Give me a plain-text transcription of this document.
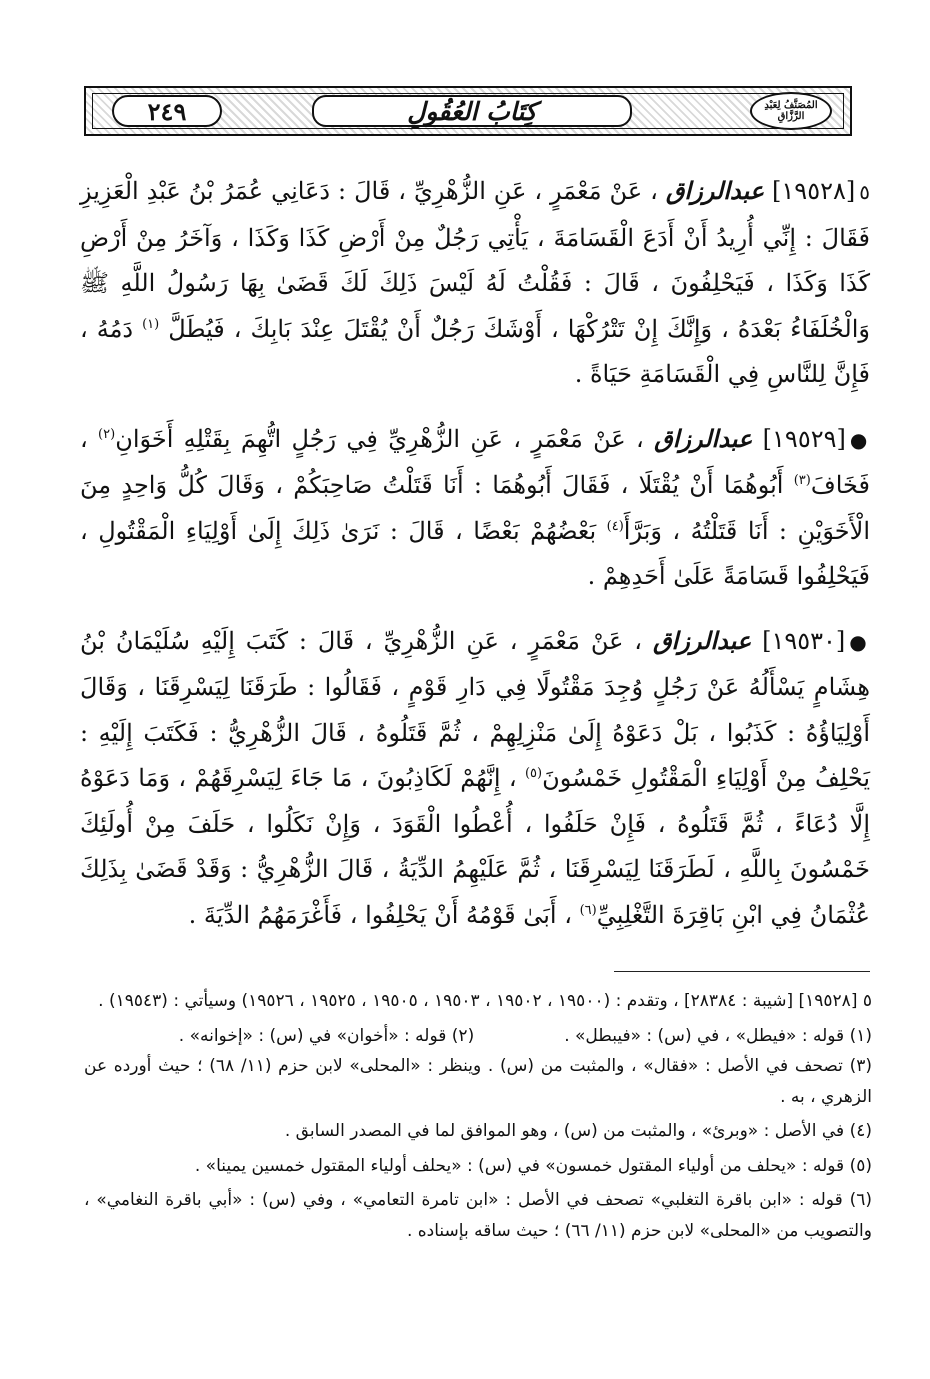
٢٤٩	كِتَابُ العُقُولِ	المُصَنَّفُ لِعَبْدِ الرَّزَّاقِ

٥[١٩٥٢٨] عبدالرزاق ، عَنْ مَعْمَرٍ ، عَنِ الزُّهْرِيِّ ، قَالَ : دَعَانِي عُمَرُ بْنُ عَبْدِ الْعَزِيزِ فَقَالَ : إِنِّي أُرِيدُ أَنْ أَدَعَ الْقَسَامَةَ ، يَأْتِي رَجُلٌ مِنْ أَرْضِ كَذَا وَكَذَا ، وَآخَرُ مِنْ أَرْضِ كَذَا وَكَذَا ، فَيَحْلِفُونَ ، قَالَ : فَقُلْتُ لَهُ لَيْسَ ذَلِكَ لَكَ قَضَىٰ بِهَا رَسُولُ اللَّهِ ﷺ وَالْخُلَفَاءُ بَعْدَهُ ، وَإِنَّكَ إِنْ تَتْرُكْهَا ، أَوْشَكَ رَجُلٌ أَنْ يُقْتَلَ عِنْدَ بَابِكَ ، فَيُطَلَّ $^{(١)}$ دَمُهُ ، فَإِنَّ لِلنَّاسِ فِي الْقَسَامَةِ حَيَاةً .

●[١٩٥٢٩] عبدالرزاق ، عَنْ مَعْمَرٍ ، عَنِ الزُّهْرِيِّ فِي رَجُلٍ اتُّهِمَ بِقَتْلِهِ أَخَوَانِ$^{(٢)}$ ، فَخَافَ$^{(٣)}$ أَبُوهُمَا أَنْ يُقْتَلَا ، فَقَالَ أَبُوهُمَا : أَنَا قَتَلْتُ صَاحِبَكُمْ ، وَقَالَ كُلُّ وَاحِدٍ مِنَ الْأَخَوَيْنِ : أَنَا قَتَلْتُهُ ، وَبَرَّأَ$^{(٤)}$ بَعْضُهُمْ بَعْضًا ، قَالَ : نَرَىٰ ذَلِكَ إِلَىٰ أَوْلِيَاءِ الْمَقْتُولِ ، فَيَحْلِفُوا قَسَامَةً عَلَىٰ أَحَدِهِمْ .

●[١٩٥٣٠] عبدالرزاق ، عَنْ مَعْمَرٍ ، عَنِ الزُّهْرِيِّ ، قَالَ : كَتَبَ إِلَيْهِ سُلَيْمَانُ بْنُ هِشَامٍ يَسْأَلُهُ عَنْ رَجُلٍ وُجِدَ مَقْتُولًا فِي دَارِ قَوْمٍ ، فَقَالُوا : طَرَقَنَا لِيَسْرِقَنَا ، وَقَالَ أَوْلِيَاؤُهُ : كَذَبُوا ، بَلْ دَعَوْهُ إِلَىٰ مَنْزِلِهِمْ ، ثُمَّ قَتَلُوهُ ، قَالَ الزُّهْرِيُّ : فَكَتَبَ إِلَيْهِ : يَحْلِفُ مِنْ أَوْلِيَاءِ الْمَقْتُولِ خَمْسُونَ$^{(٥)}$ ، إِنَّهُمْ لَكَاذِبُونَ ، مَا جَاءَ لِيَسْرِقَهُمْ ، وَمَا دَعَوْهُ إِلَّا دُعَاءً ، ثُمَّ قَتَلُوهُ ، فَإِنْ حَلَفُوا ، أُعْطُوا الْقَوَدَ ، وَإِنْ نَكَلُوا ، حَلَفَ مِنْ أُولَئِكَ خَمْسُونَ بِاللَّهِ ، لَطَرَقَنَا لِيَسْرِقَنَا ، ثُمَّ عَلَيْهِمُ الدِّيَةُ ، قَالَ الزُّهْرِيُّ : وَقَدْ قَضَىٰ بِذَلِكَ عُثْمَانُ فِي ابْنِ بَاقِرَةَ التَّغْلِبِيِّ$^{(٦)}$ ، أَبَىٰ قَوْمُهُ أَنْ يَحْلِفُوا ، فَأَغْرَمَهُمُ الدِّيَةَ .

٥ [١٩٥٢٨] [شيبة : ٢٨٣٨٤] ، وتقدم : (١٩٥٠٠ ، ١٩٥٠٢ ، ١٩٥٠٣ ، ١٩٥٠٥ ، ١٩٥٢٥ ، ١٩٥٢٦) وسيأتي : (١٩٥٤٣) .

(١) قوله : «فيطل» ، في (س) : «فيبطل» .
(٢) قوله : «أخوان» في (س) : «إخوانه» .

(٣) تصحف في الأصل : «فقال» ، والمثبت من (س) . وينظر : «المحلى» لابن حزم (١١/ ٦٨) ؛ حيث أورده عن الزهري ، به .

(٤) في الأصل : «وبرئ» ، والمثبت من (س) ، وهو الموافق لما في المصدر السابق .

(٥) قوله : «يحلف من أولياء المقتول خمسون» في (س) : «يحلف أولياء المقتول خمسين يمينا» .

(٦) قوله : «ابن باقرة التغلبي» تصحف في الأصل : «ابن تامرة التعامي» ، وفي (س) : «أبي باقرة النغامي» ، والتصويب من «المحلى» لابن حزم (١١/ ٦٦) ؛ حيث ساقه بإسناده .
